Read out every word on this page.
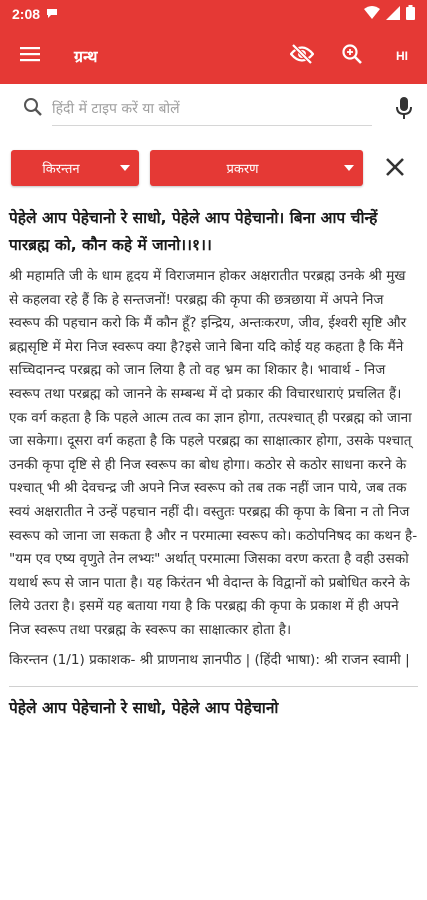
2:08
ग्रन्थ	HI
हिंदी में टाइप करें या बोलें
किरन्तन	प्रकरण
पेहेले आप पेहेचानो रे साधो, पेहेले आप पेहेचानो। बिना आप चीन्हें पारब्रह्म को, कौन कहे में जानो।।१।।
श्री महामति जी के धाम हृदय में विराजमान होकर अक्षरातीत परब्रह्म उनके श्री मुख से कहलवा रहे हैं कि हे सन्तजनों! परब्रह्म की कृपा की छत्रछाया में अपने निज स्वरूप की पहचान करो कि मैं कौन हूँ? इन्द्रिय, अन्तःकरण, जीव, ईश्वरी सृष्टि और ब्रह्मसृष्टि में मेरा निज स्वरूप क्या है?इसे जाने बिना यदि कोई यह कहता है कि मैंने सच्चिदानन्द परब्रह्म को जान लिया है तो वह भ्रम का शिकार है। भावार्थ - निज स्वरूप तथा परब्रह्म को जानने के सम्बन्ध में दो प्रकार की विचारधाराएं प्रचलित हैं। एक वर्ग कहता है कि पहले आत्म तत्व का ज्ञान होगा, तत्पश्चात् ही परब्रह्म को जाना जा सकेगा। दूसरा वर्ग कहता है कि पहले परब्रह्म का साक्षात्कार होगा, उसके पश्चात् उनकी कृपा दृष्टि से ही निज स्वरूप का बोध होगा। कठोर से कठोर साधना करने के पश्चात् भी श्री देवचन्द्र जी अपने निज स्वरूप को तब तक नहीं जान पाये, जब तक स्वयं अक्षरातीत ने उन्हें पहचान नहीं दी। वस्तुतः परब्रह्म की कृपा के बिना न तो निज स्वरूप को जाना जा सकता है और न परमात्मा स्वरूप को। कठोपनिषद का कथन है- "यम एव एष्य वृणुते तेन लभ्यः" अर्थात् परमात्मा जिसका वरण करता है वही उसको यथार्थ रूप से जान पाता है। यह किरंतन भी वेदान्त के विद्वानों को प्रबोधित करने के लिये उतरा है। इसमें यह बताया गया है कि परब्रह्म की कृपा के प्रकाश में ही अपने निज स्वरूप तथा परब्रह्म के स्वरूप का साक्षात्कार होता है।
किरन्तन (1/1) प्रकाशक- श्री प्राणनाथ ज्ञानपीठ | (हिंदी भाषा): श्री राजन स्वामी |
पेहेले आप पेहेचानो रे साधो, पेहेले आप पेहेचानो
